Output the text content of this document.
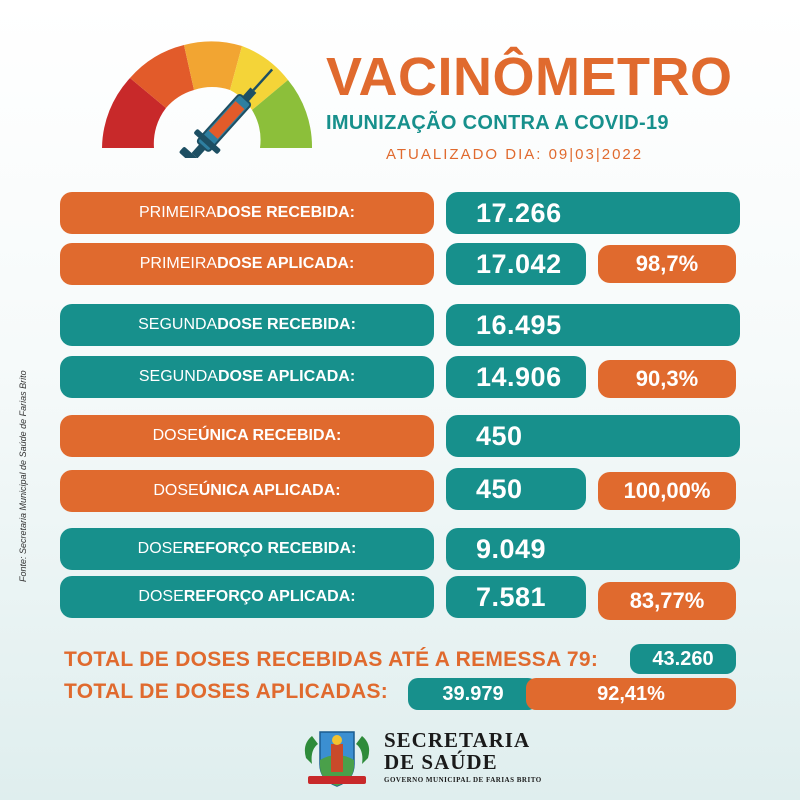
VACINÔMETRO
IMUNIZAÇÃO CONTRA A COVID-19
ATUALIZADO DIA: 09|03|2022
PRIMEIRA DOSE RECEBIDA:	17.266
PRIMEIRA DOSE APLICADA:	17.042	98,7%
SEGUNDA DOSE RECEBIDA:	16.495
SEGUNDA DOSE APLICADA:	14.906	90,3%
DOSE ÚNICA RECEBIDA:	450
DOSE ÚNICA APLICADA:	450	100,00%
DOSE REFORÇO RECEBIDA:	9.049
DOSE REFORÇO APLICADA:	7.581	83,77%
Fonte: Secretaria Municipal de Saúde de Farias Brito
TOTAL DE DOSES RECEBIDAS ATÉ A REMESSA 79:	43.260
TOTAL DE DOSES APLICADAS:	39.979	92,41%
SECRETARIA
DE SAÚDE
GOVERNO MUNICIPAL DE FARIAS BRITO
